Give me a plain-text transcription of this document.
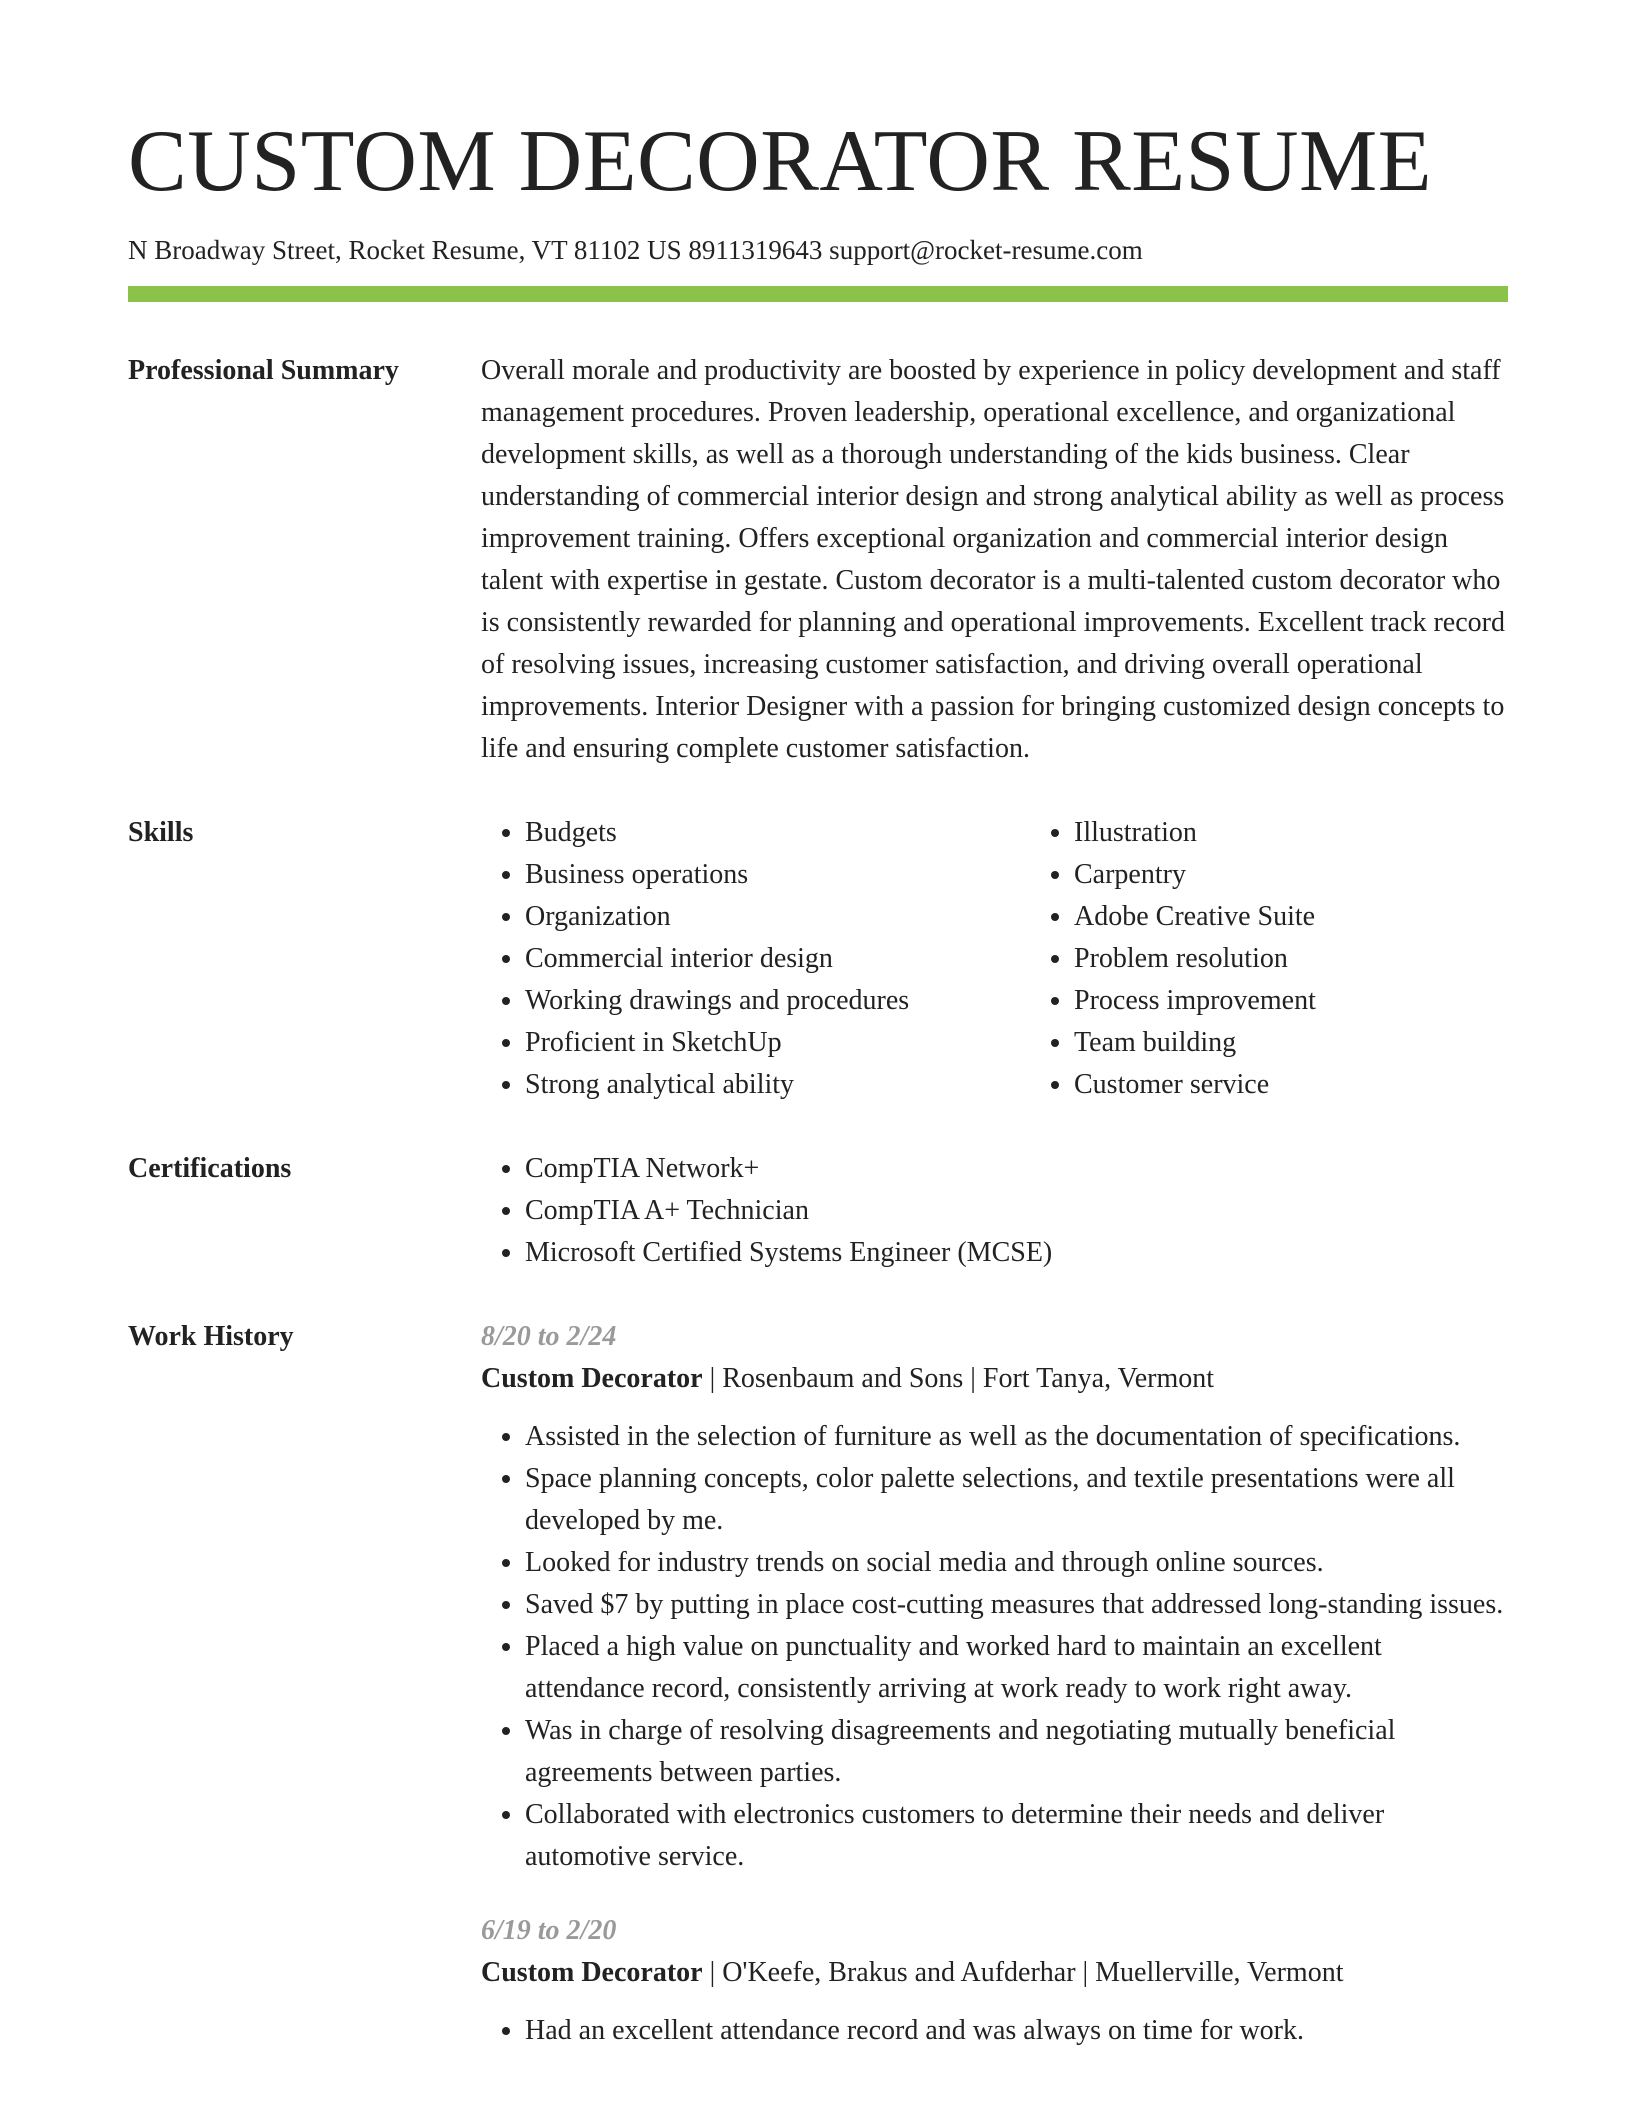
CUSTOM DECORATOR RESUME
N Broadway Street, Rocket Resume, VT 81102 US 8911319643 support@rocket-resume.com
Professional Summary	Overall morale and productivity are boosted by experience in policy development and staff management procedures. Proven leadership, operational excellence, and organizational development skills, as well as a thorough understanding of the kids business. Clear understanding of commercial interior design and strong analytical ability as well as process improvement training. Offers exceptional organization and commercial interior design talent with expertise in gestate. Custom decorator is a multi-talented custom decorator who is consistently rewarded for planning and operational improvements. Excellent track record of resolving issues, increasing customer satisfaction, and driving overall operational improvements. Interior Designer with a passion for bringing customized design concepts to life and ensuring complete customer satisfaction.

Skills	• Budgets
• Business operations
• Organization
• Commercial interior design
• Working drawings and procedures
• Proficient in SketchUp
• Strong analytical ability
• Illustration
• Carpentry
• Adobe Creative Suite
• Problem resolution
• Process improvement
• Team building
• Customer service
Certifications	• CompTIA Network+
• CompTIA A+ Technician
• Microsoft Certified Systems Engineer (MCSE)
Work History	8/20 to 2/24
Custom Decorator | Rosenbaum and Sons | Fort Tanya, Vermont
• Assisted in the selection of furniture as well as the documentation of specifications.
• Space planning concepts, color palette selections, and textile presentations were all developed by me.
• Looked for industry trends on social media and through online sources.
• Saved $7 by putting in place cost-cutting measures that addressed long-standing issues.
• Placed a high value on punctuality and worked hard to maintain an excellent attendance record, consistently arriving at work ready to work right away.
• Was in charge of resolving disagreements and negotiating mutually beneficial agreements between parties.
• Collaborated with electronics customers to determine their needs and deliver automotive service.
6/19 to 2/20
Custom Decorator | O'Keefe, Brakus and Aufderhar | Muellerville, Vermont
• Had an excellent attendance record and was always on time for work.
